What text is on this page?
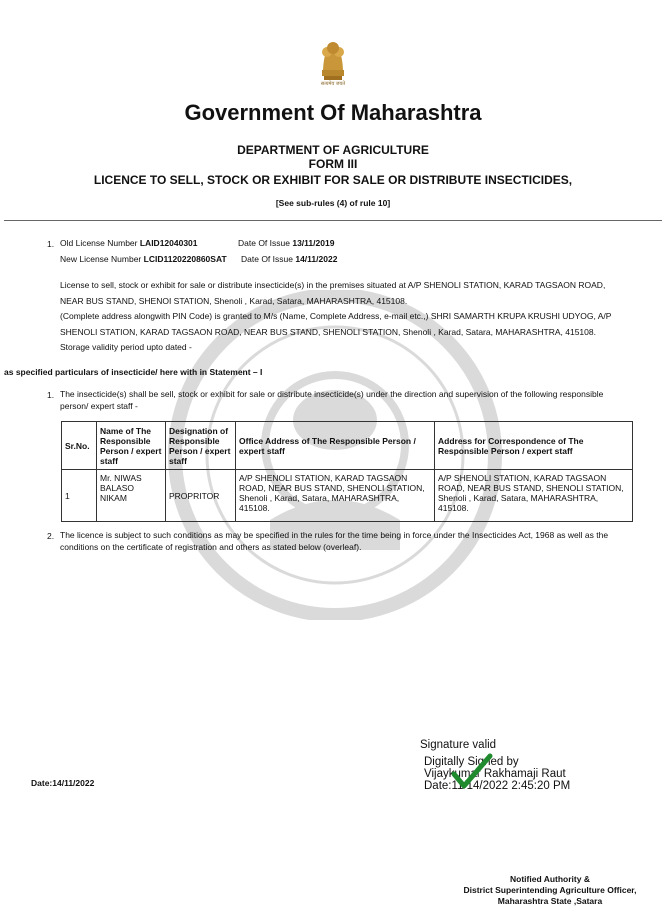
सत्यमेव जयते
Government Of Maharashtra
DEPARTMENT OF AGRICULTURE
FORM III
LICENCE TO SELL, STOCK OR EXHIBIT FOR SALE OR DISTRIBUTE INSECTICIDES,
[See sub-rules (4) of rule 10]
1. Old License Number LAID12040301	Date Of Issue 13/11/2019
New License Number LCID1120220860SAT Date Of Issue 14/11/2022
License to sell, stock or exhibit for sale or distribute insecticide(s) in the premises situated at A/P SHENOLI STATION, KARAD TAGSAON ROAD,
NEAR BUS STAND, SHENOI STATION, Shenoli , Karad, Satara, MAHARASHTRA, 415108.
(Complete address alongwith PIN Code) is granted to M/s (Name, Complete Address, e-mail etc.,) SHRI SAMARTH KRUPA KRUSHI UDYOG, A/P
SHENOLI STATION, KARAD TAGSAON ROAD, NEAR BUS STAND, SHENOLI STATION, Shenoli , Karad, Satara, MAHARASHTRA, 415108.
Storage validity period upto dated -
as specified particulars of insecticide/ here with in Statement – I
1. The insecticide(s) shall be sell, stock or exhibit for sale or distribute insecticide(s) under the direction and supervision of the following responsible
person/ expert staff -
Sr.No.	Name of The Responsible Person / expert staff	Designation of Responsible Person / expert staff	Office Address of The Responsible Person / expert staff	Address for Correspondence of The Responsible Person / expert staff
1	Mr. NIWAS BALASO NIKAM	PROPRITOR	A/P SHENOLI STATION, KARAD TAGSAON ROAD, NEAR BUS STAND, SHENOLI STATION, Shenoli , Karad, Satara, MAHARASHTRA, 415108.	A/P SHENOLI STATION, KARAD TAGSAON ROAD, NEAR BUS STAND, SHENOLI STATION, Shenoli , Karad, Satara, MAHARASHTRA, 415108.
2. The licence is subject to such conditions as may be specified in the rules for the time being in force under the Insecticides Act, 1968 as well as the
conditions on the certificate of registration and others as stated below (overleaf).
Signature valid
Digitally Signed by
Vijaykumar Rakhamaji Raut
Date:11/14/2022 2:45:20 PM
Date:14/11/2022
Notified Authority &
District Superintending Agriculture Officer,
Maharashtra State ,Satara
